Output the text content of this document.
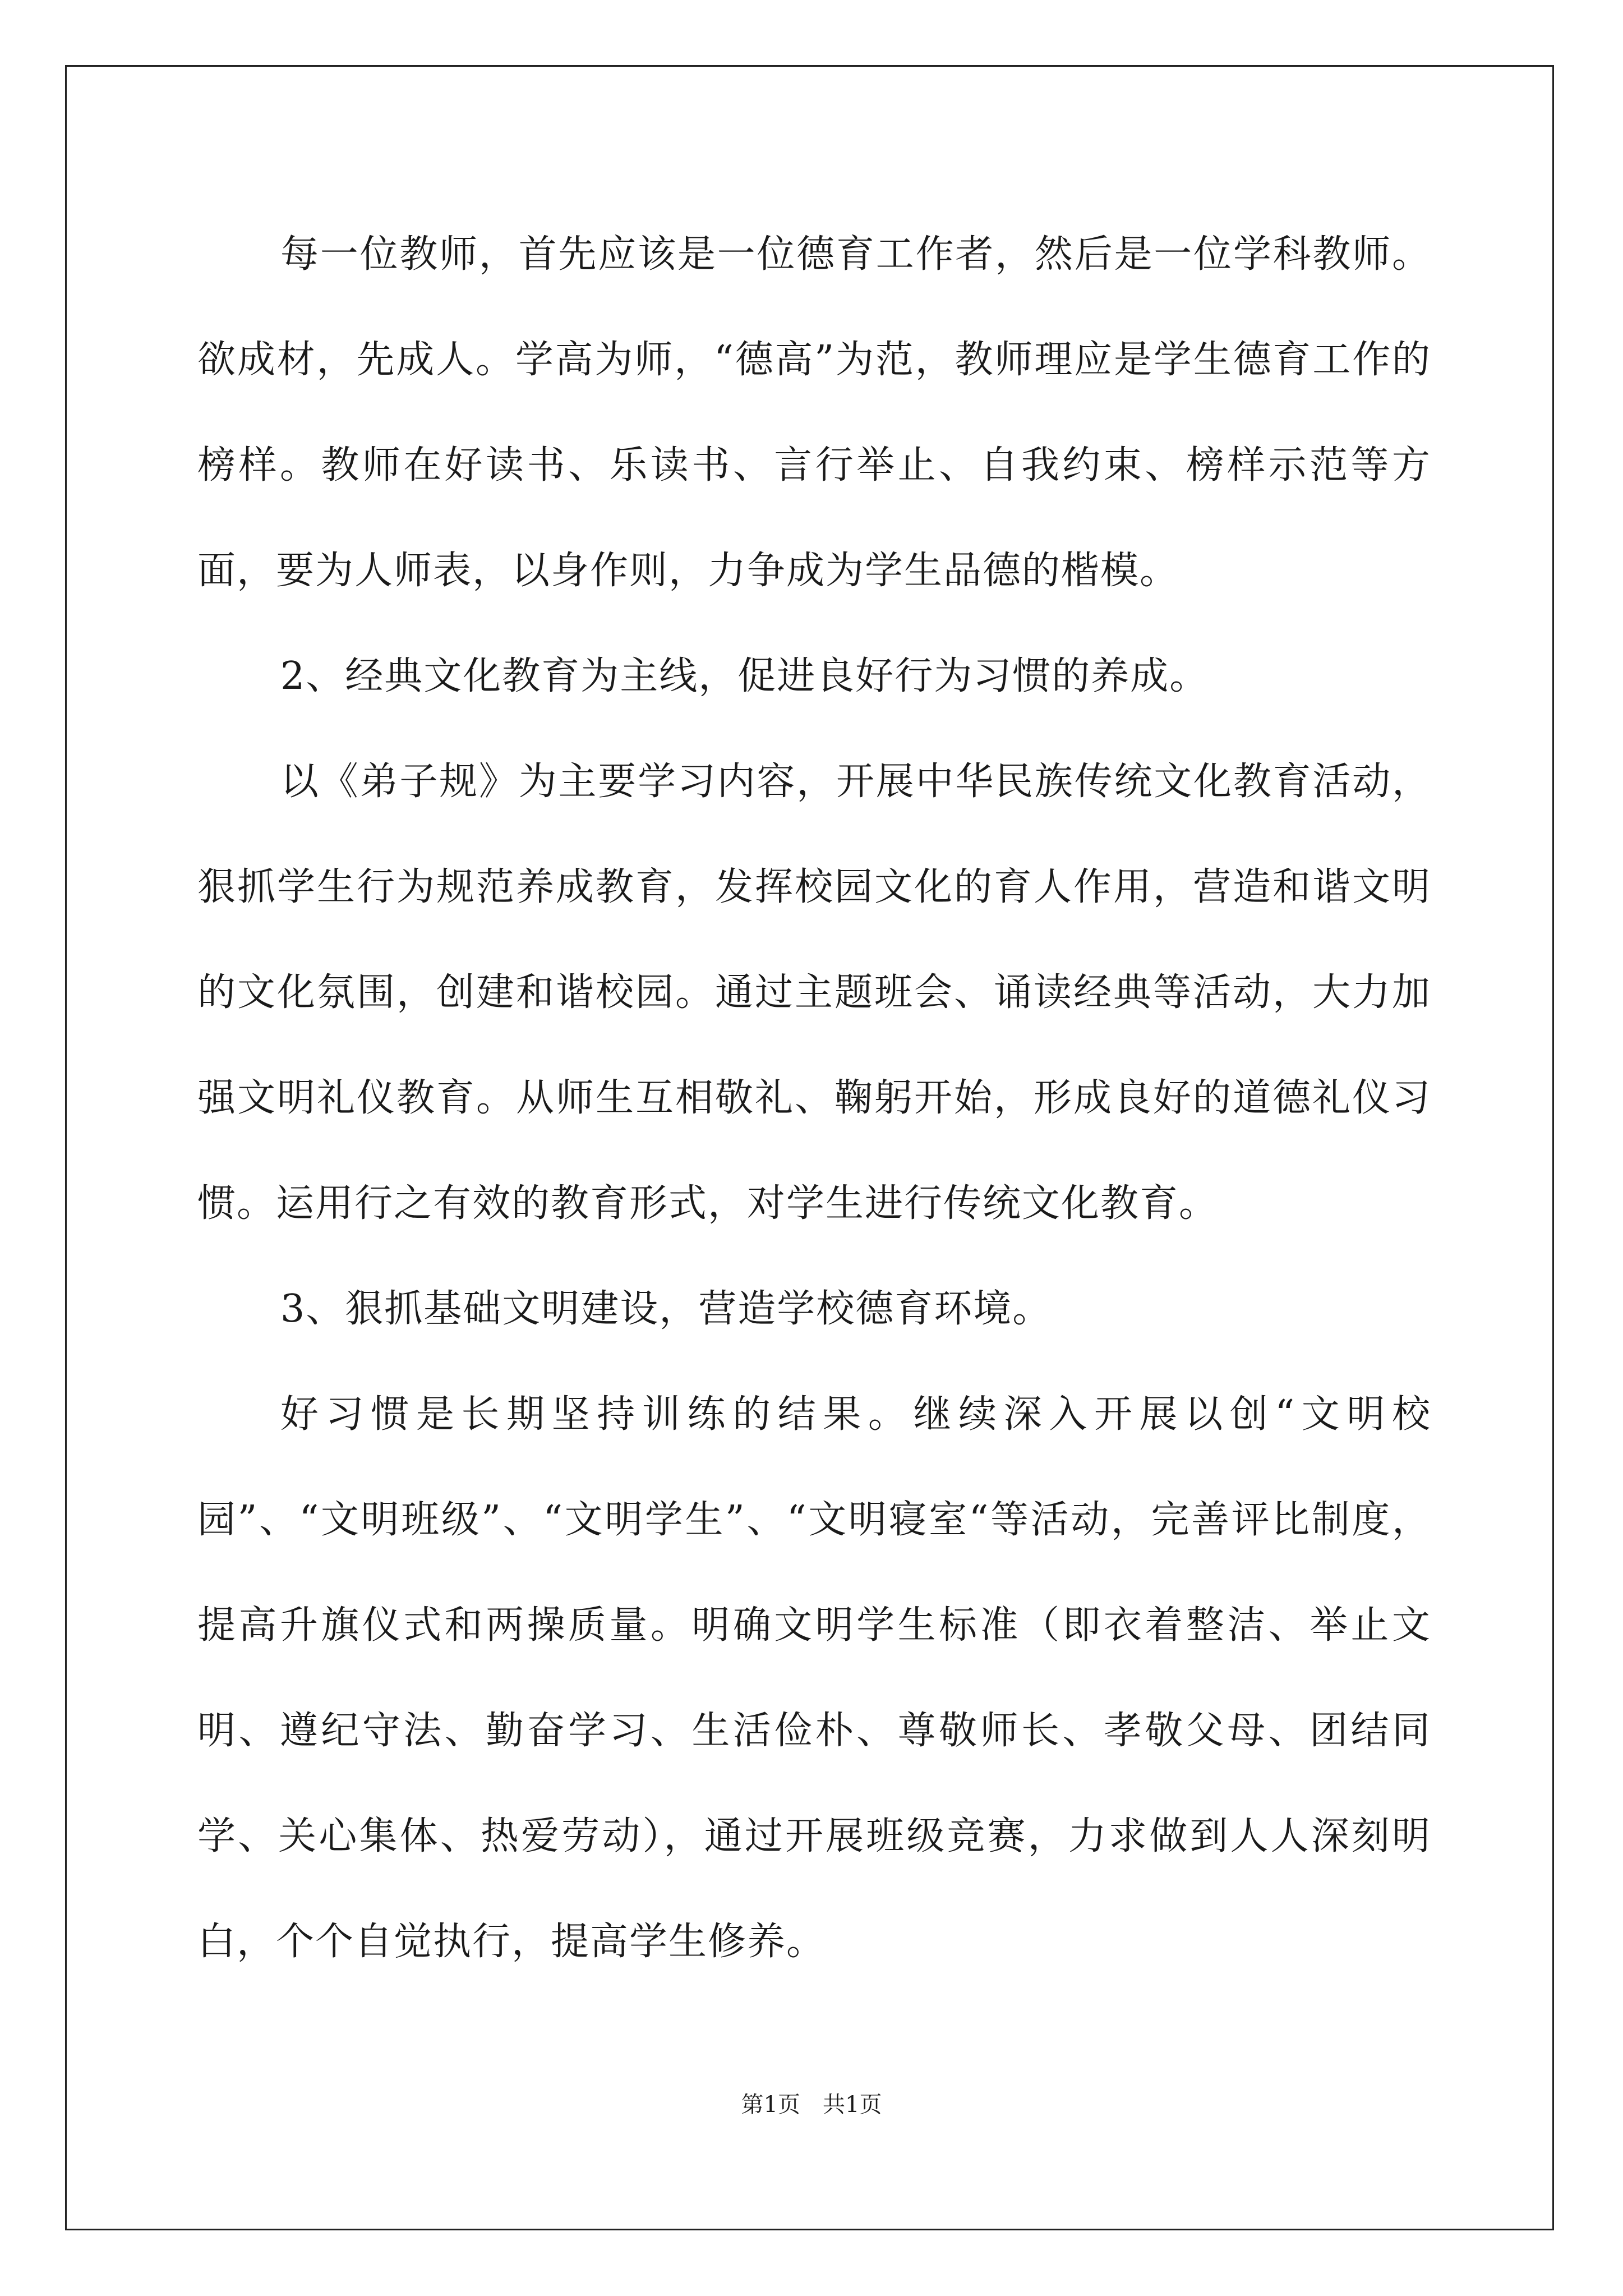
每一位教师，首先应该是一位德育工作者，然后是一位学科教师。欲成材，先成人。学高为师，“德高”为范，教师理应是学生德育工作的榜样。教师在好读书、乐读书、言行举止、自我约束、榜样示范等方面，要为人师表，以身作则，力争成为学生品德的楷模。

2、经典文化教育为主线，促进良好行为习惯的养成。

以《弟子规》为主要学习内容，开展中华民族传统文化教育活动，狠抓学生行为规范养成教育，发挥校园文化的育人作用，营造和谐文明的文化氛围，创建和谐校园。通过主题班会、诵读经典等活动，大力加强文明礼仪教育。从师生互相敬礼、鞠躬开始，形成良好的道德礼仪习惯。运用行之有效的教育形式，对学生进行传统文化教育。

3、狠抓基础文明建设，营造学校德育环境。

好习惯是长期坚持训练的结果。继续深入开展以创“文明校园”、“文明班级”、“文明学生”、“文明寝室“等活动，完善评比制度，提高升旗仪式和两操质量。明确文明学生标准（即衣着整洁、举止文明、遵纪守法、勤奋学习、生活俭朴、尊敬师长、孝敬父母、团结同学、关心集体、热爱劳动），通过开展班级竞赛，力求做到人人深刻明白，个个自觉执行，提高学生修养。

第1页 共1页
